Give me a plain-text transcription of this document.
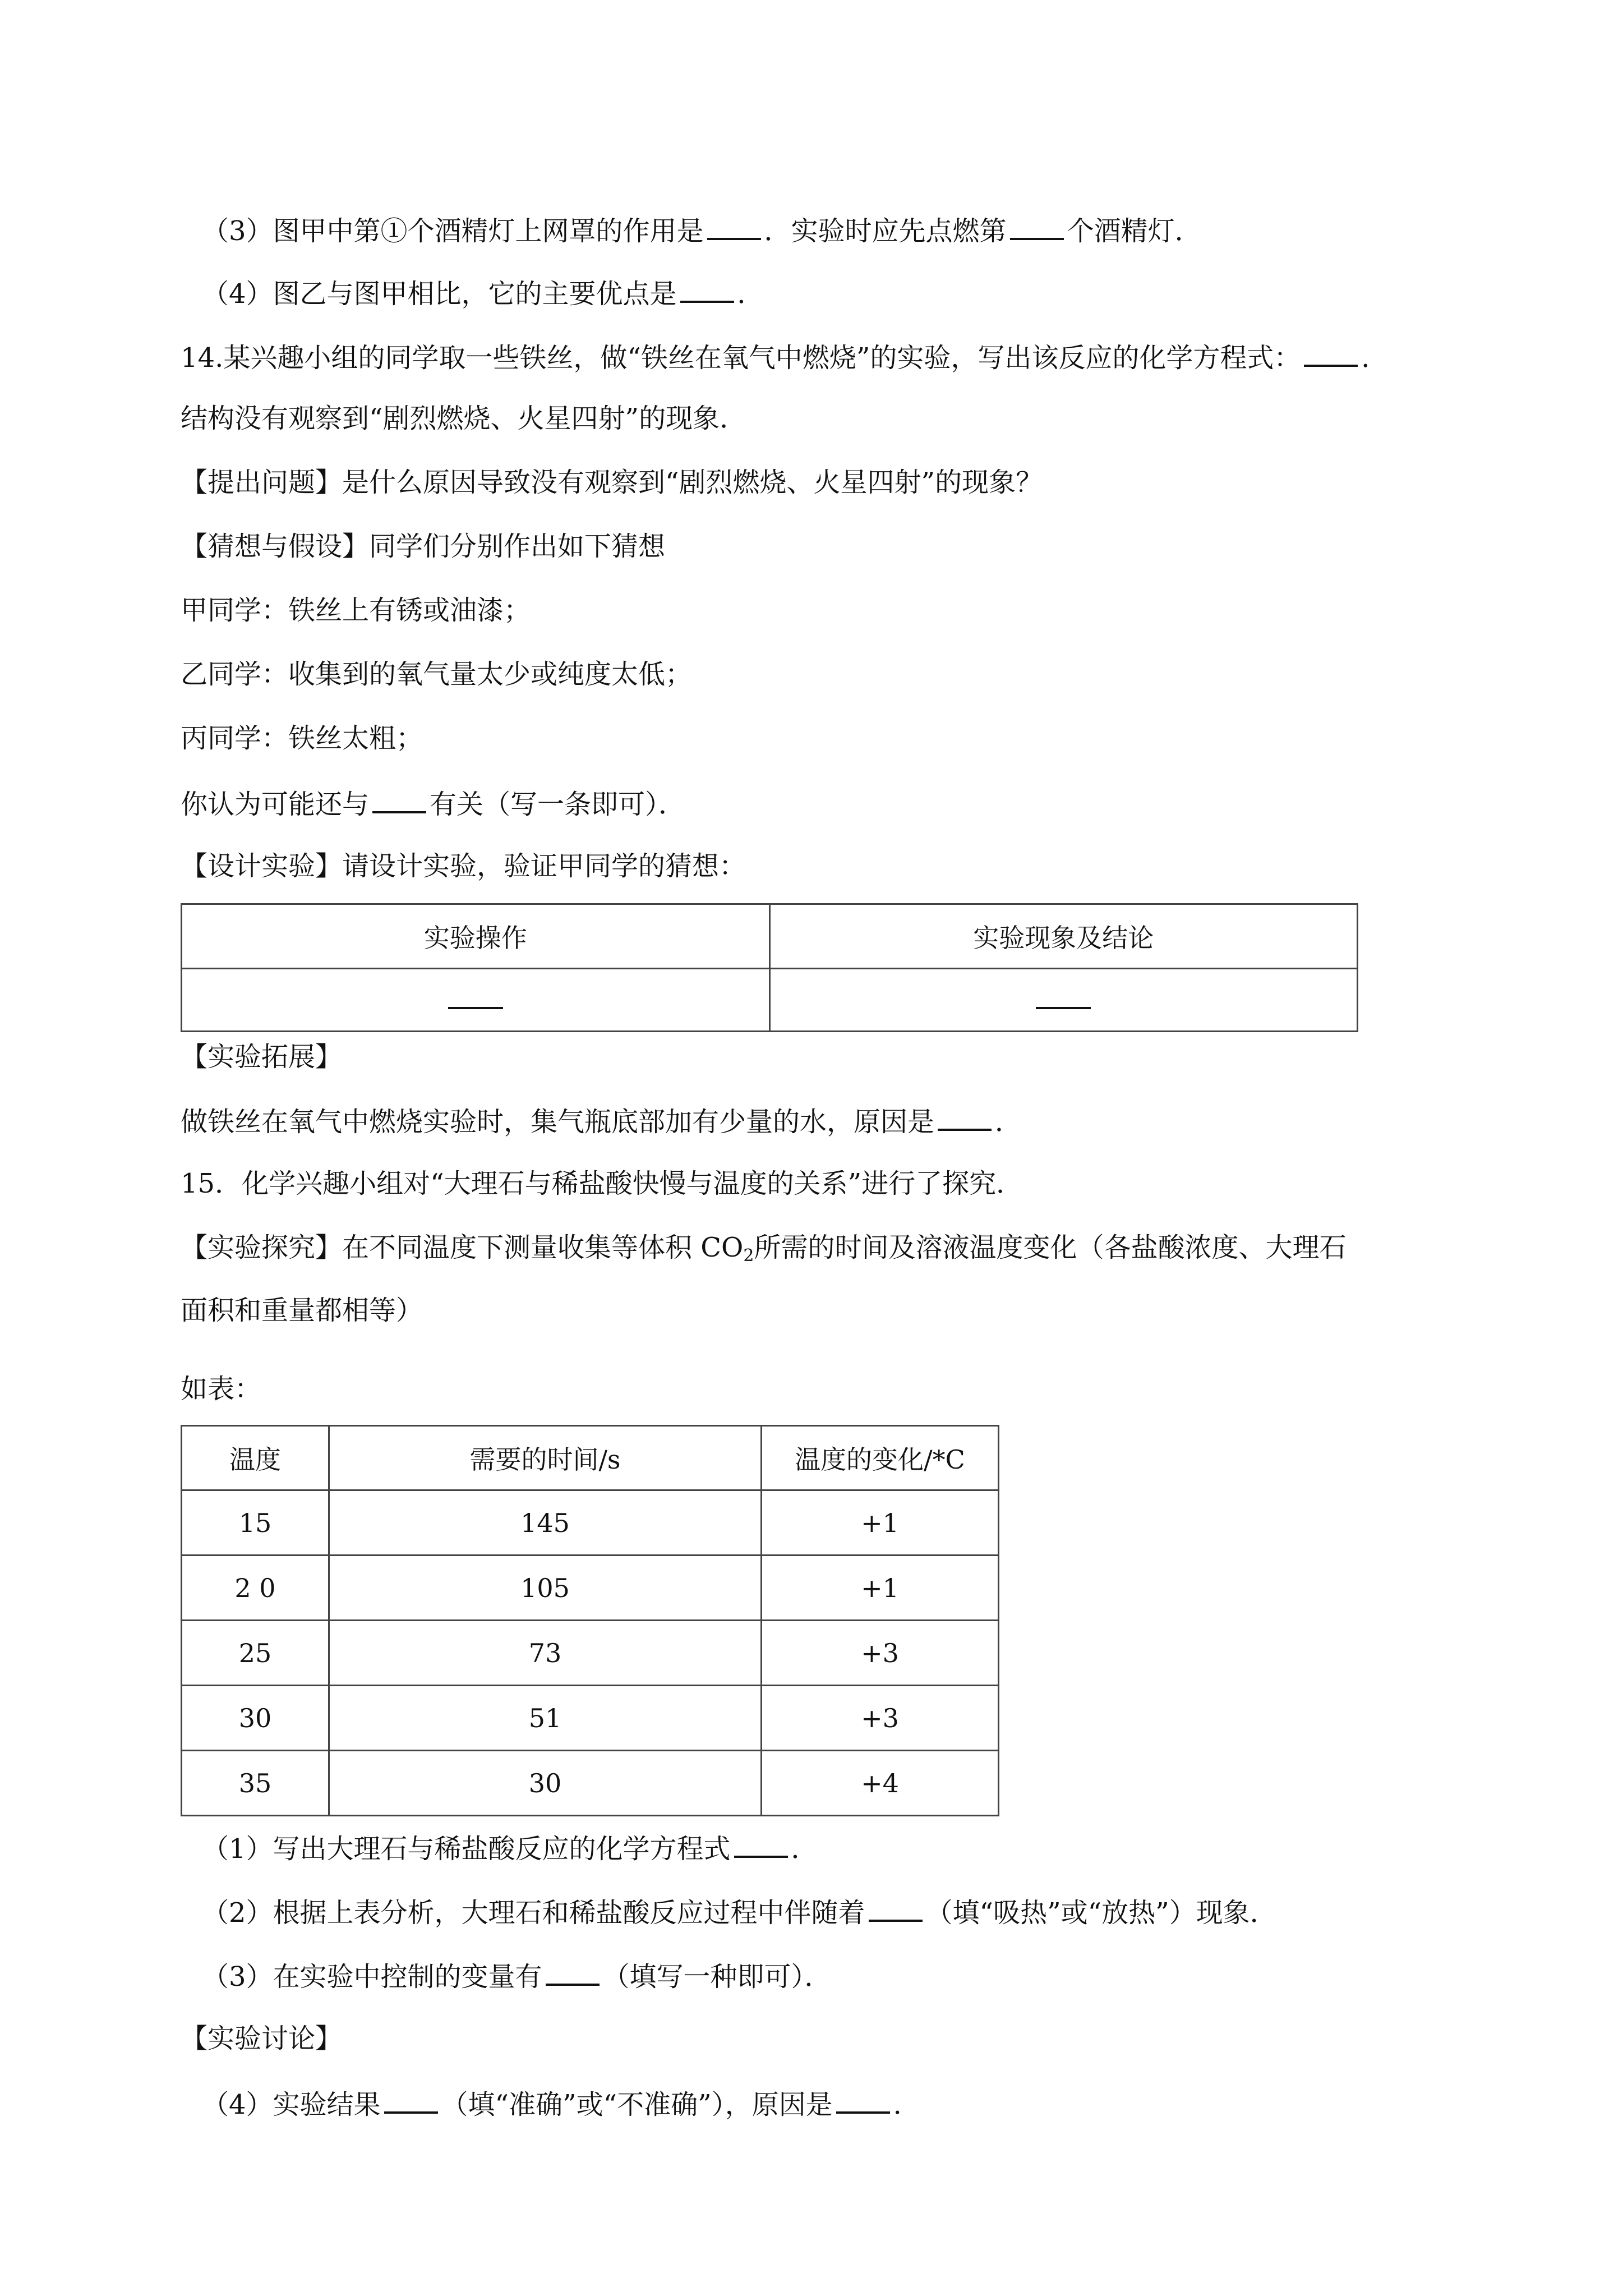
（3）图甲中第①个酒精灯上网罩的作用是 ．实验时应先点燃第 个酒精灯．
（4）图乙与图甲相比，它的主要优点是 ．
14.某兴趣小组的同学取一些铁丝，做“铁丝在氧气中燃烧”的实验，写出该反应的化学方程式： ．
结构没有观察到“剧烈燃烧、火星四射”的现象．
【提出问题】是什么原因导致没有观察到“剧烈燃烧、火星四射”的现象？
【猜想与假设】同学们分别作出如下猜想
甲同学：铁丝上有锈或油漆；
乙同学：收集到的氧气量太少或纯度太低；
丙同学：铁丝太粗；
你认为可能还与 有关（写一条即可）．
【设计实验】请设计实验，验证甲同学的猜想：
实验操作	实验现象及结论

【实验拓展】
做铁丝在氧气中燃烧实验时，集气瓶底部加有少量的水，原因是 ．
15．化学兴趣小组对“大理石与稀盐酸快慢与温度的关系”进行了探究．
【实验探究】在不同温度下测量收集等体积 $CO_2$所需的时间及溶液温度变化（各盐酸浓度、大理石
面积和重量都相等）
如表：
温度	需要的时间/s	温度的变化/*C
15	145	+1
2 0	105	+1
25	73	+3
30	51	+3
35	30	+4
（1）写出大理石与稀盐酸反应的化学方程式 ．
（2）根据上表分析，大理石和稀盐酸反应过程中伴随着 （填“吸热”或“放热”）现象．
（3）在实验中控制的变量有 （填写一种即可）．
【实验讨论】
（4）实验结果 （填“准确”或“不准确”），原因是 ．
